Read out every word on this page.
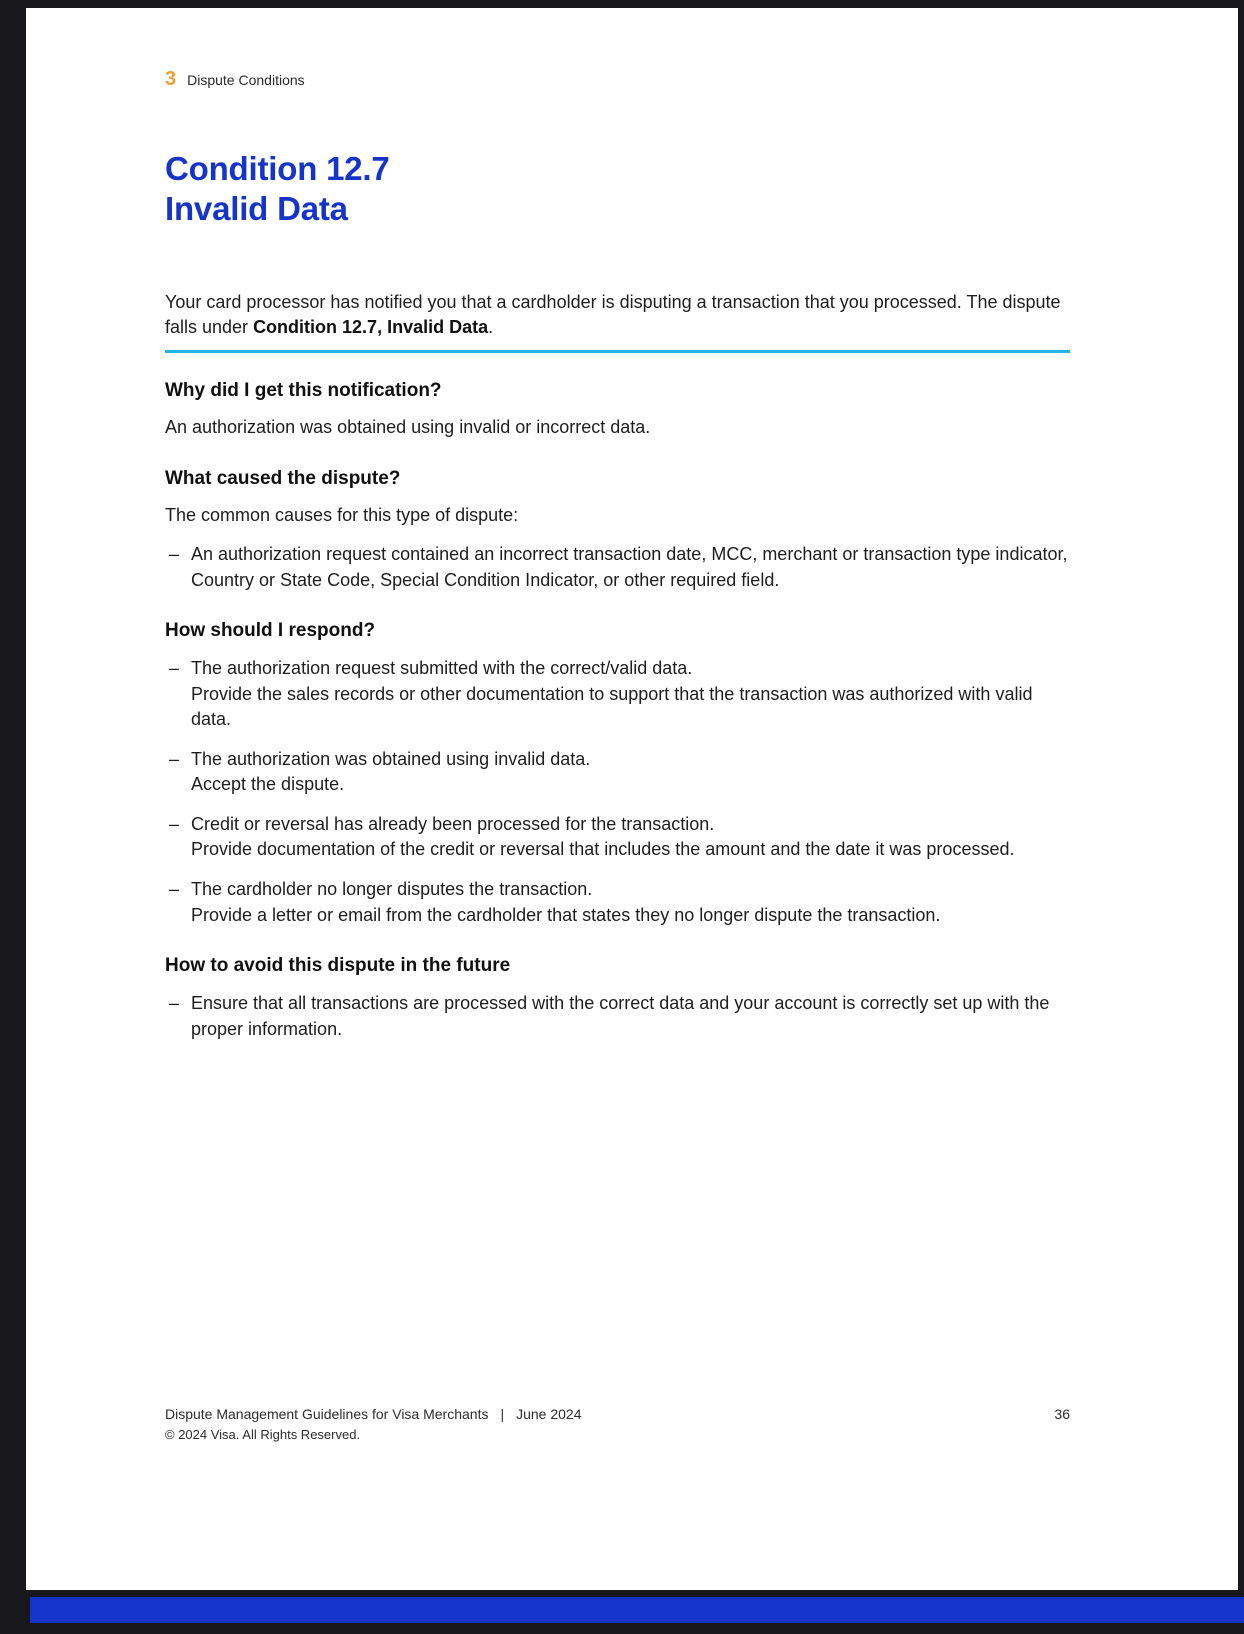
3 Dispute Conditions
Condition 12.7
Invalid Data
Your card processor has notified you that a cardholder is disputing a transaction that you processed. The dispute falls under Condition 12.7, Invalid Data.
Why did I get this notification?

An authorization was obtained using invalid or incorrect data.

What caused the dispute?

The common causes for this type of dispute:

– An authorization request contained an incorrect transaction date, MCC, merchant or transaction type indicator, Country or State Code, Special Condition Indicator, or other required field.
How should I respond?
– The authorization request submitted with the correct/valid data.
Provide the sales records or other documentation to support that the transaction was authorized with valid data.
– The authorization was obtained using invalid data.
Accept the dispute.
– Credit or reversal has already been processed for the transaction.
Provide documentation of the credit or reversal that includes the amount and the date it was processed.
– The cardholder no longer disputes the transaction.
Provide a letter or email from the cardholder that states they no longer dispute the transaction.
How to avoid this dispute in the future
– Ensure that all transactions are processed with the correct data and your account is correctly set up with the proper information.
Dispute Management Guidelines for Visa Merchants | June 2024	36
© 2024 Visa. All Rights Reserved.
